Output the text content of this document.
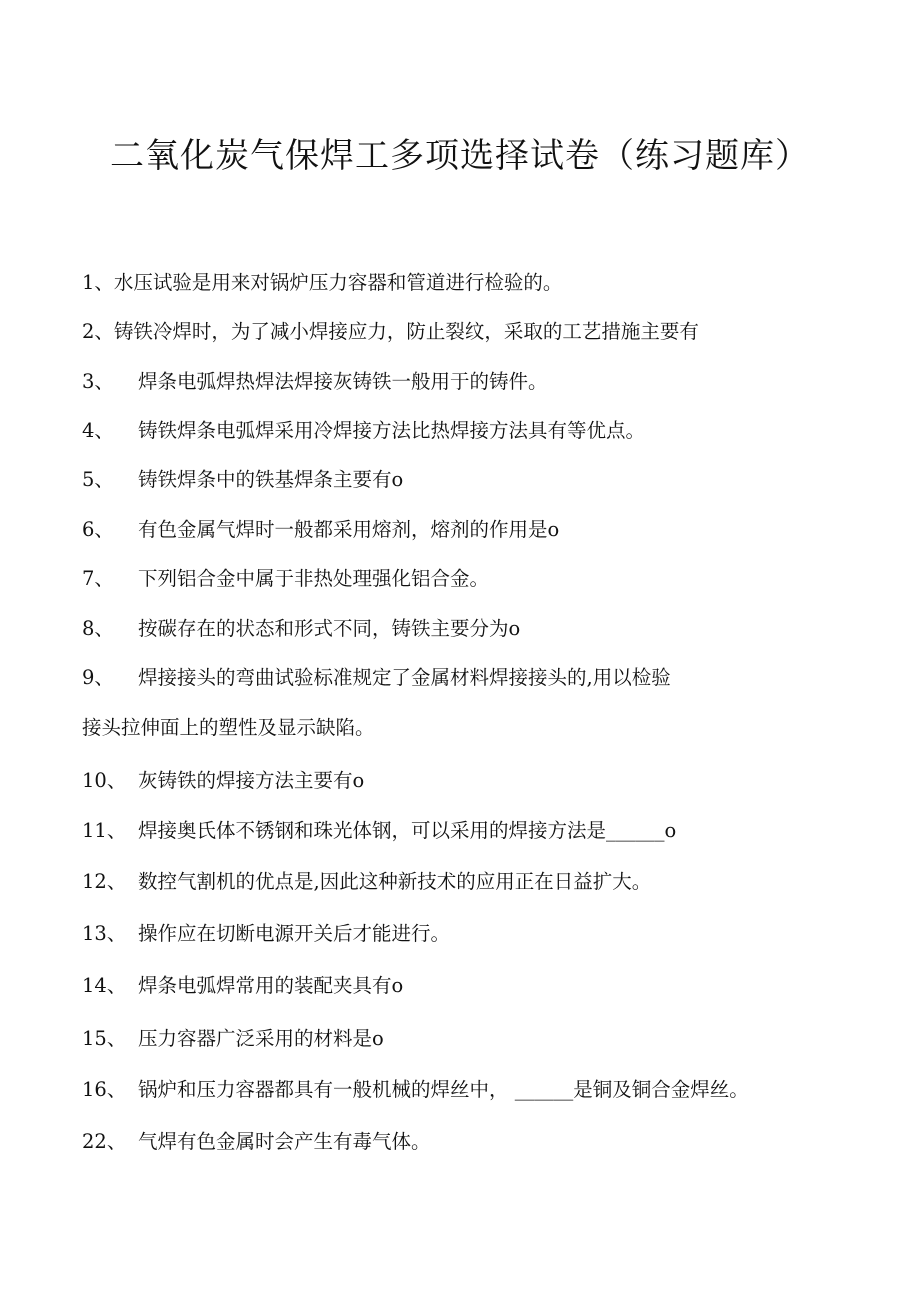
二氧化炭气保焊工多项选择试卷（练习题库）
1、水压试验是用来对锅炉压力容器和管道进行检验的。
2、铸铁冷焊时，为了减小焊接应力，防止裂纹，采取的工艺措施主要有
3、 焊条电弧焊热焊法焊接灰铸铁一般用于的铸件。
4、 铸铁焊条电弧焊采用冷焊接方法比热焊接方法具有等优点。
5、 铸铁焊条中的铁基焊条主要有o
6、 有色金属气焊时一般都采用熔剂，熔剂的作用是o
7、 下列铝合金中属于非热处理强化铝合金。
8、 按碳存在的状态和形式不同，铸铁主要分为o
9、 焊接接头的弯曲试验标准规定了金属材料焊接接头的,用以检验
接头拉伸面上的塑性及显示缺陷。
10、 灰铸铁的焊接方法主要有o
11、 焊接奥氏体不锈钢和珠光体钢，可以采用的焊接方法是______o
12、 数控气割机的优点是,因此这种新技术的应用正在日益扩大。
13、 操作应在切断电源开关后才能进行。
14、 焊条电弧焊常用的装配夹具有o
15、 压力容器广泛采用的材料是o
16、 锅炉和压力容器都具有一般机械的焊丝中， ______是铜及铜合金焊丝。
22、 气焊有色金属时会产生有毒气体。
